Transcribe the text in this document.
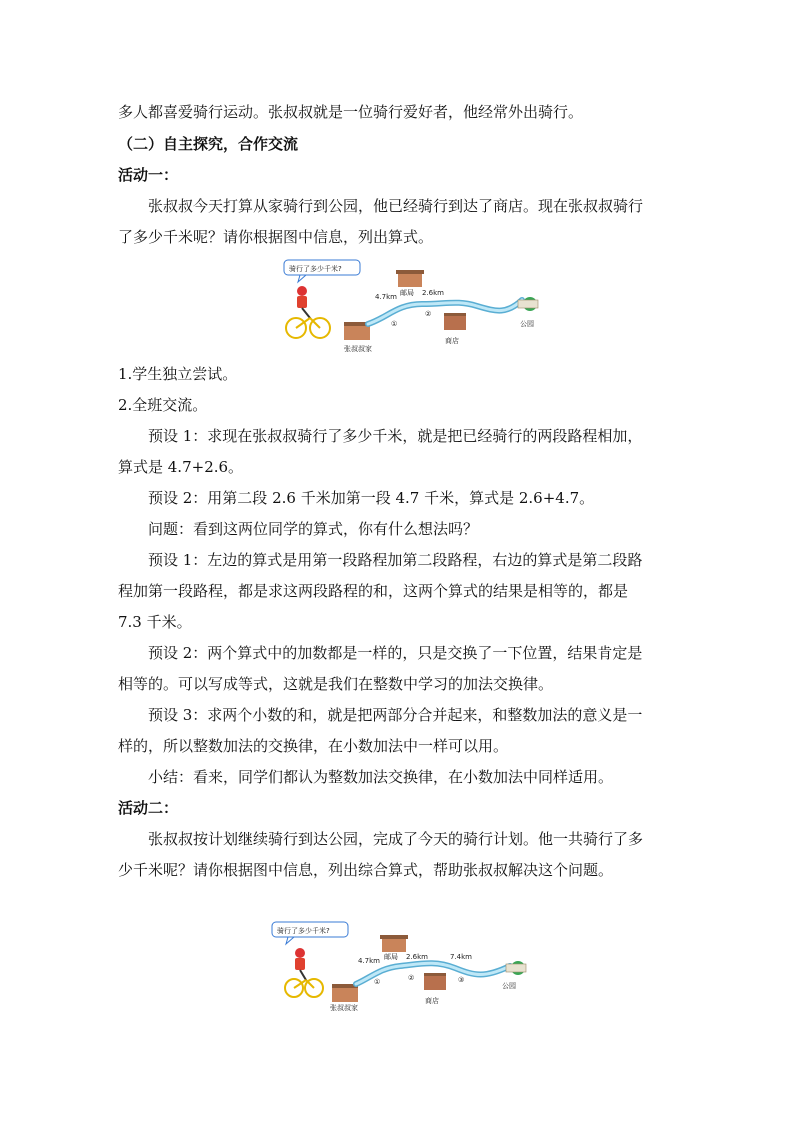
多人都喜爱骑行运动。张叔叔就是一位骑行爱好者，他经常外出骑行。
（二）自主探究，合作交流
活动一：
张叔叔今天打算从家骑行到公园，他已经骑行到达了商店。现在张叔叔骑行
了多少千米呢？请你根据图中信息，列出算式。
骑行了多少千米?
张叔叔家
4.7km 邮局 2.6km
①
②
商店
公园
1.学生独立尝试。
2.全班交流。
预设 1：求现在张叔叔骑行了多少千米，就是把已经骑行的两段路程相加，
算式是 4.7+2.6。
预设 2：用第二段 2.6 千米加第一段 4.7 千米，算式是 2.6+4.7。
问题：看到这两位同学的算式，你有什么想法吗？
预设 1：左边的算式是用第一段路程加第二段路程，右边的算式是第二段路
程加第一段路程，都是求这两段路程的和，这两个算式的结果是相等的，都是
7.3 千米。
预设 2：两个算式中的加数都是一样的，只是交换了一下位置，结果肯定是
相等的。可以写成等式，这就是我们在整数中学习的加法交换律。
预设 3：求两个小数的和，就是把两部分合并起来，和整数加法的意义是一
样的，所以整数加法的交换律，在小数加法中一样可以用。
小结：看来，同学们都认为整数加法交换律，在小数加法中同样适用。
活动二：
张叔叔按计划继续骑行到达公园，完成了今天的骑行计划。他一共骑行了多
少千米呢？请你根据图中信息，列出综合算式，帮助张叔叔解决这个问题。
骑行了多少千米?
张叔叔家
4.7km 邮局 2.6km	7.4km
①	②	③
商店
公园
